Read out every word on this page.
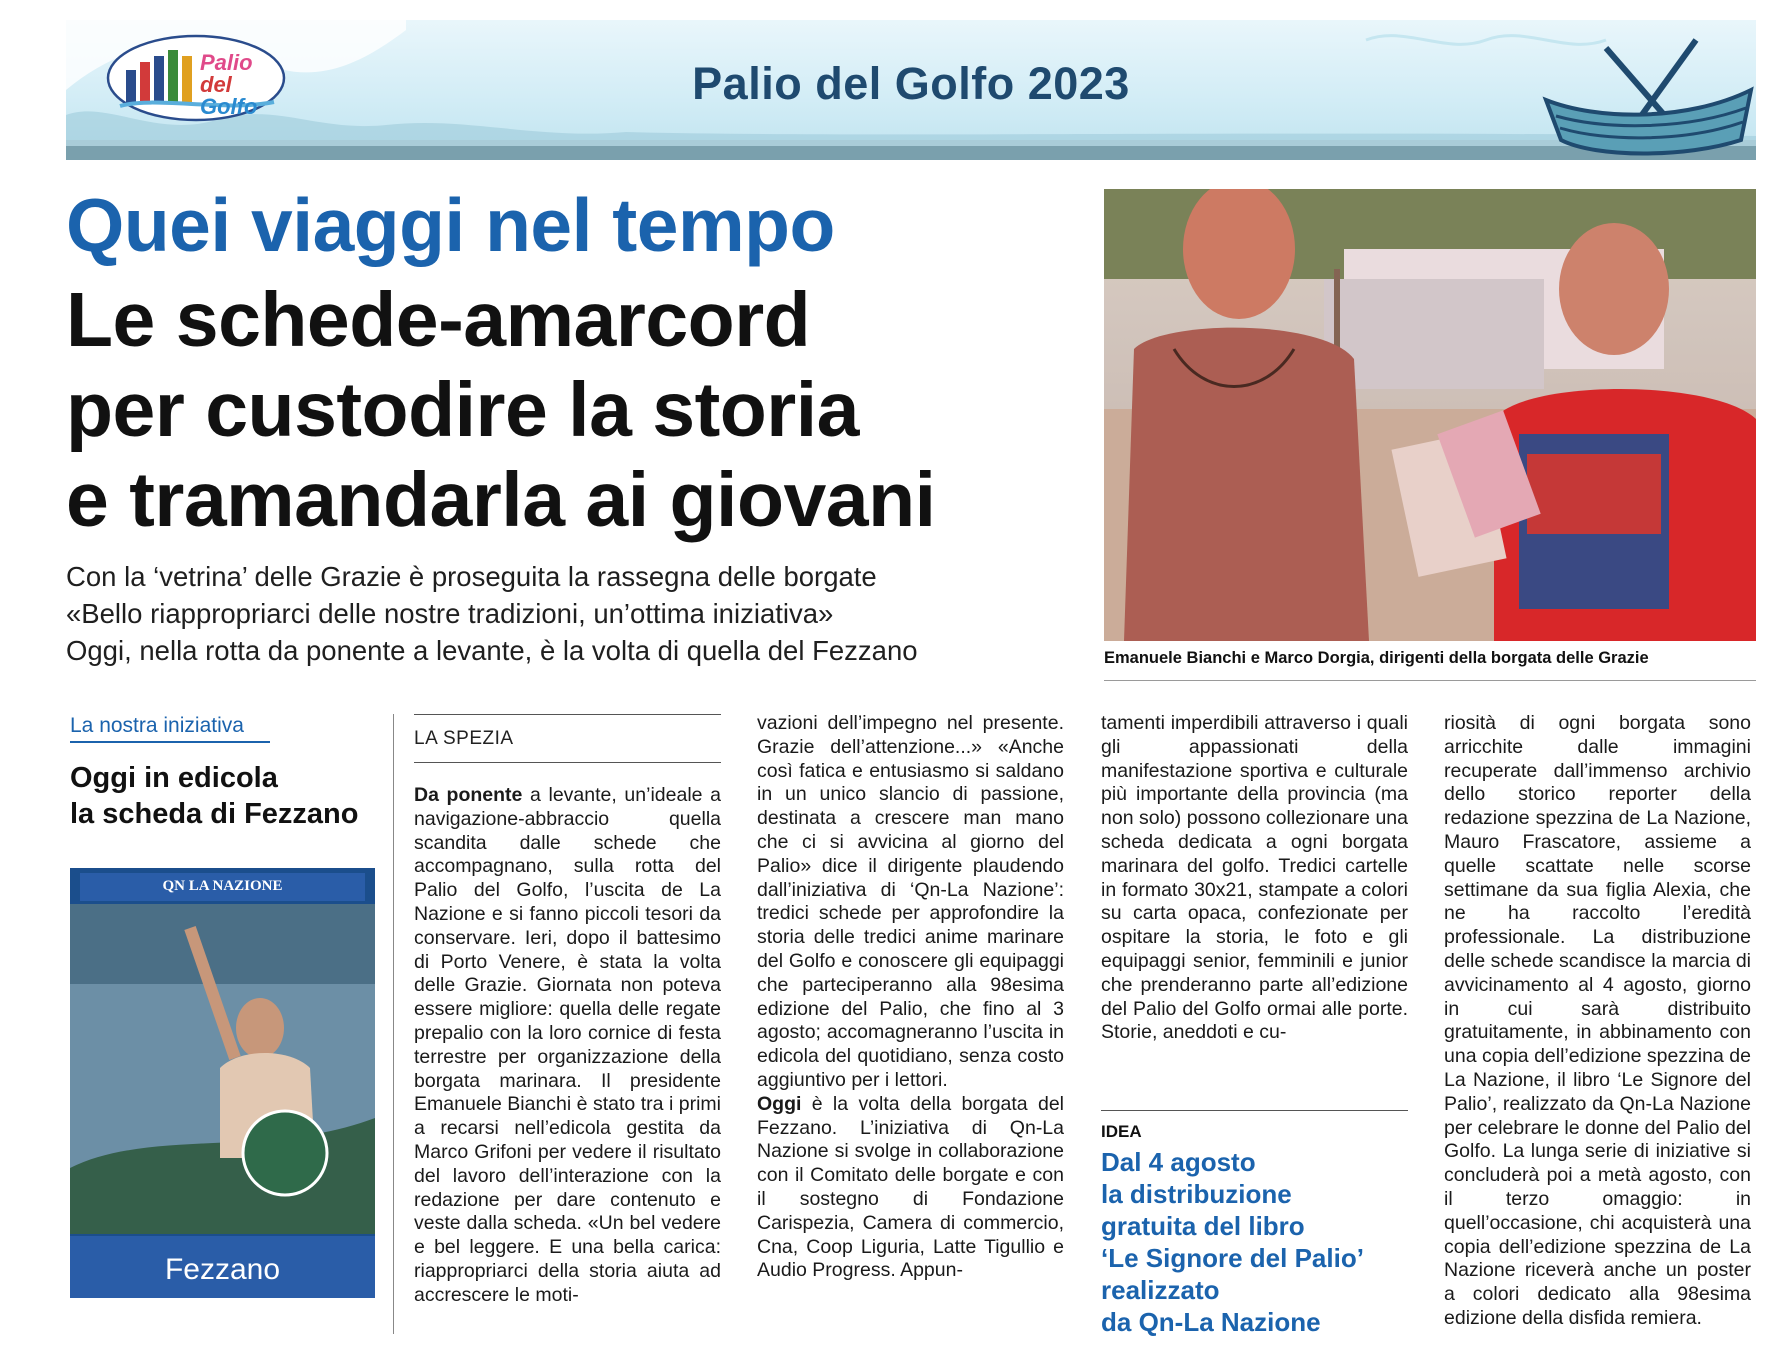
Palio
del
Golfo	Palio del Golfo 2023
Quei viaggi nel tempo
Le schede-amarcord
per custodire la storia
e tramandarla ai giovani
Con la ‘vetrina’ delle Grazie è proseguita la rassegna delle borgate
«Bello riappropriarci delle nostre tradizioni, un’ottima iniziativa»
Oggi, nella rotta da ponente a levante, è la volta di quella del Fezzano	Emanuele Bianchi e Marco Dorgia, dirigenti della borgata delle Grazie
La nostra iniziativa
Oggi in edicola
la scheda di Fezzano
QN LA NAZIONE
Fezzano
LA SPEZIA
Da ponente a levante, un’ideale a navigazione-abbraccio quella scandita dalle schede che accompagnano, sulla rotta del Palio del Golfo, l’uscita de La Nazione e si fanno piccoli tesori da conservare. Ieri, dopo il battesimo di Porto Venere, è stata la volta delle Grazie. Giornata non poteva essere migliore: quella delle regate prepalio con la loro cornice di festa terrestre per organizzazione della borgata marinara. Il presidente Emanuele Bianchi è stato tra i primi a recarsi nell’edicola gestita da Marco Grifoni per vedere il risultato del lavoro dell’interazione con la redazione per dare contenuto e veste dalla scheda. «Un bel vedere e bel leggere. E una bella carica: riappropriarci della storia aiuta ad accrescere le moti-
vazioni dell’impegno nel presente. Grazie dell’attenzione...» «Anche così fatica e entusiasmo si saldano in un unico slancio di passione, destinata a crescere man mano che ci si avvicina al giorno del Palio» dice il dirigente plaudendo dall’iniziativa di ‘Qn-La Nazione’: tredici schede per approfondire la storia delle tredici anime marinare del Golfo e conoscere gli equipaggi che parteciperanno alla 98esima edizione del Palio, che fino al 3 agosto; accomagneranno l’uscita in edicola del quotidiano, senza costo aggiuntivo per i lettori.
Oggi è la volta della borgata del Fezzano. L’iniziativa di Qn-La Nazione si svolge in collaborazione con il Comitato delle borgate e con il sostegno di Fondazione Carispezia, Camera di commercio, Cna, Coop Liguria, Latte Tigullio e Audio Progress. Appun-
tamenti imperdibili attraverso i quali gli appassionati della manifestazione sportiva e culturale più importante della provincia (ma non solo) possono collezionare una scheda dedicata a ogni borgata marinara del golfo. Tredici cartelle in formato 30x21, stampate a colori su carta opaca, confezionate per ospitare la storia, le foto e gli equipaggi senior, femminili e junior che prenderanno parte all’edizione del Palio del Golfo ormai alle porte. Storie, aneddoti e cu-
IDEA
Dal 4 agosto
la distribuzione
gratuita del libro
‘Le Signore del Palio’
realizzato
da Qn-La Nazione
riosità di ogni borgata sono arricchite dalle immagini recuperate dall’immenso archivio dello storico reporter della redazione spezzina de La Nazione, Mauro Frascatore, assieme a quelle scattate nelle scorse settimane da sua figlia Alexia, che ne ha raccolto l’eredità professionale. La distribuzione delle schede scandisce la marcia di avvicinamento al 4 agosto, giorno in cui sarà distribuito gratuitamente, in abbinamento con una copia dell’edizione spezzina de La Nazione, il libro ‘Le Signore del Palio’, realizzato da Qn-La Nazione per celebrare le donne del Palio del Golfo. La lunga serie di iniziative si concluderà poi a metà agosto, con il terzo omaggio: in quell’occasione, chi acquisterà una copia dell’edizione spezzina de La Nazione riceverà anche un poster a colori dedicato alla 98esima edizione della disfida remiera.
